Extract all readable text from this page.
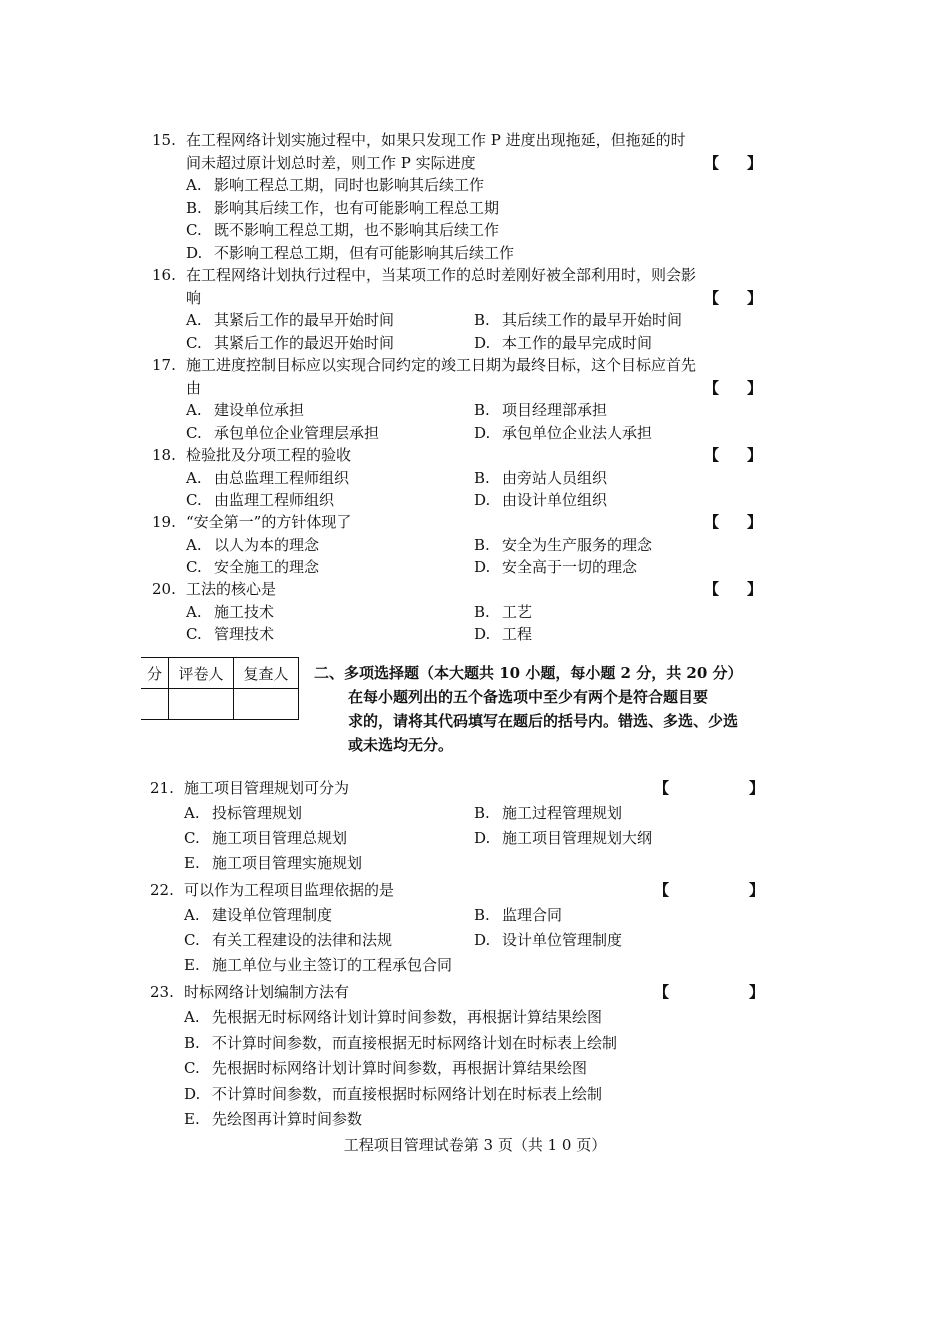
15. 在工程网络计划实施过程中，如果只发现工作 P 进度出现拖延，但拖延的时
间未超过原计划总时差，则工作 P 实际进度	【 】
A. 影响工程总工期，同时也影响其后续工作
B. 影响其后续工作，也有可能影响工程总工期
C. 既不影响工程总工期，也不影响其后续工作
D. 不影响工程总工期，但有可能影响其后续工作
16. 在工程网络计划执行过程中，当某项工作的总时差刚好被全部利用时，则会影
响	【 】
A. 其紧后工作的最早开始时间	B. 其后续工作的最早开始时间
C. 其紧后工作的最迟开始时间	D. 本工作的最早完成时间
17. 施工进度控制目标应以实现合同约定的竣工日期为最终目标，这个目标应首先
由	【 】
A. 建设单位承担	B. 项目经理部承担
C. 承包单位企业管理层承担	D. 承包单位企业法人承担
18. 检验批及分项工程的验收	【 】
A. 由总监理工程师组织	B. 由旁站人员组织
C. 由监理工程师组织	D. 由设计单位组织
19. “安全第一”的方针体现了	【 】
A. 以人为本的理念	B. 安全为生产服务的理念
C. 安全施工的理念	D. 安全高于一切的理念
20. 工法的核心是	【 】
A. 施工技术	B. 工艺
C. 管理技术	D. 工程
分	评卷人	复查人
		二、多项选择题（本大题共 10 小题，每小题 2 分，共 20 分）
在每小题列出的五个备选项中至少有两个是符合题目要
求的，请将其代码填写在题后的括号内。错选、多选、少选
或未选均无分。
21. 施工项目管理规划可分为	【	】
A. 投标管理规划	B. 施工过程管理规划
C. 施工项目管理总规划	D. 施工项目管理规划大纲
E. 施工项目管理实施规划
22. 可以作为工程项目监理依据的是	【	】
A. 建设单位管理制度	B. 监理合同
C. 有关工程建设的法律和法规	D. 设计单位管理制度
E. 施工单位与业主签订的工程承包合同
23. 时标网络计划编制方法有	【	】
A. 先根据无时标网络计划计算时间参数，再根据计算结果绘图
B. 不计算时间参数，而直接根据无时标网络计划在时标表上绘制
C. 先根据时标网络计划计算时间参数，再根据计算结果绘图
D. 不计算时间参数，而直接根据时标网络计划在时标表上绘制
E. 先绘图再计算时间参数
工程项目管理试卷第 3 页（共 1 0 页）
